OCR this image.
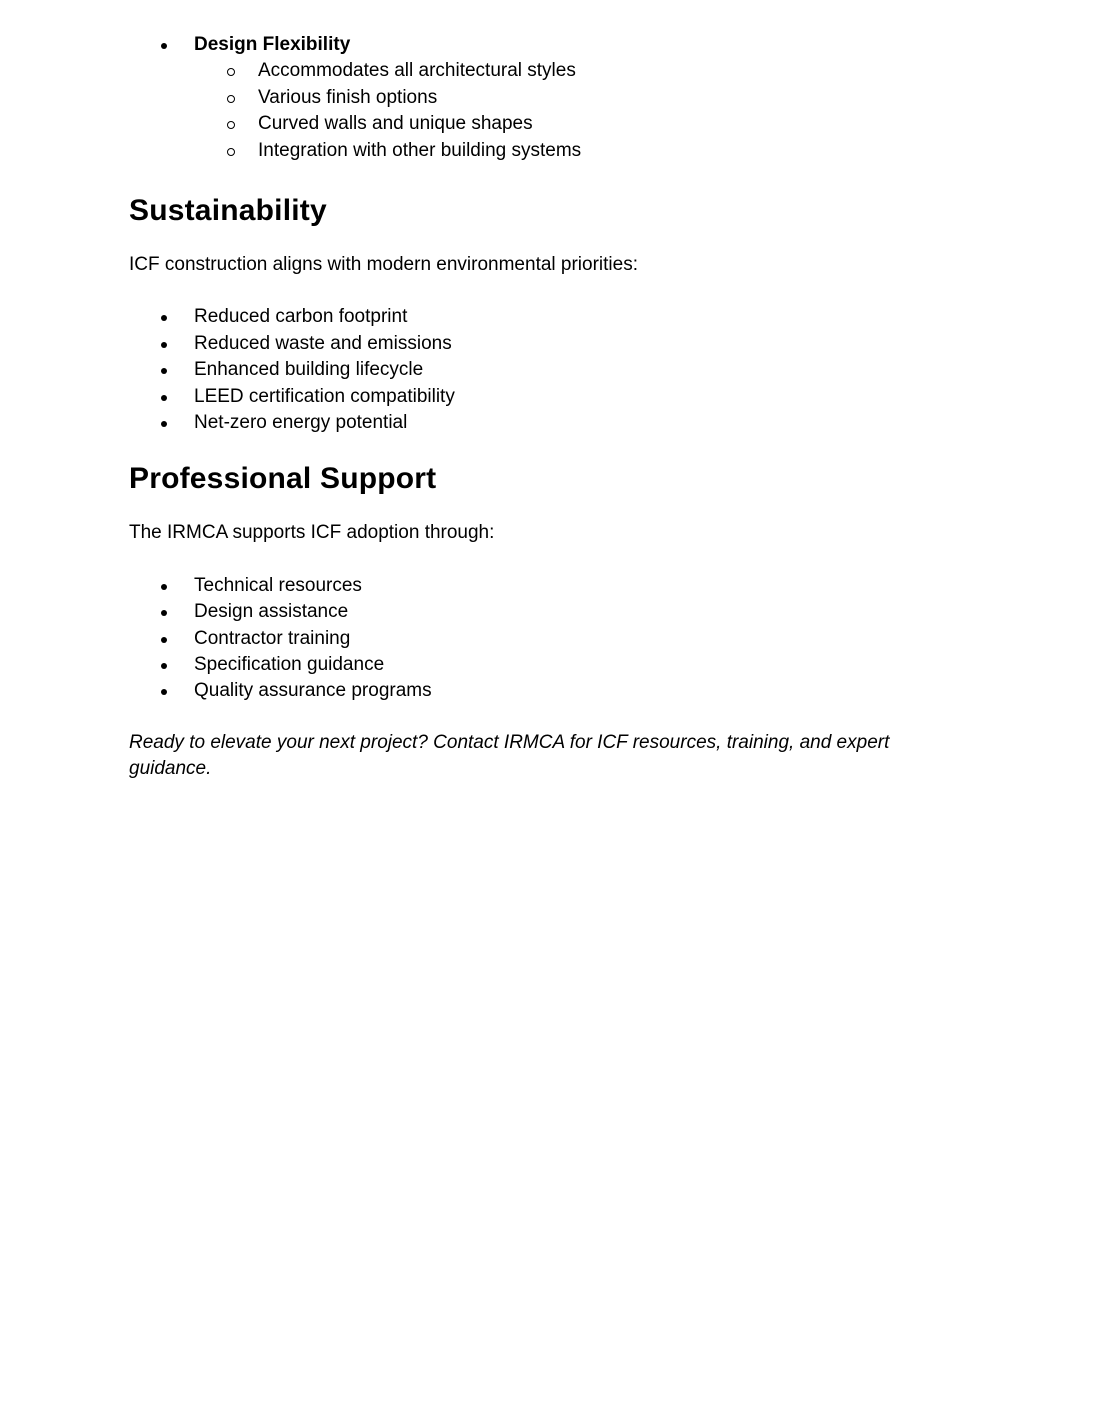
Design Flexibility
Accommodates all architectural styles
Various finish options
Curved walls and unique shapes
Integration with other building systems
Sustainability

ICF construction aligns with modern environmental priorities:

Reduced carbon footprint
Reduced waste and emissions
Enhanced building lifecycle
LEED certification compatibility
Net-zero energy potential
Professional Support

The IRMCA supports ICF adoption through:

Technical resources
Design assistance
Contractor training
Specification guidance
Quality assurance programs

Ready to elevate your next project? Contact IRMCA for ICF resources, training, and expert guidance.
